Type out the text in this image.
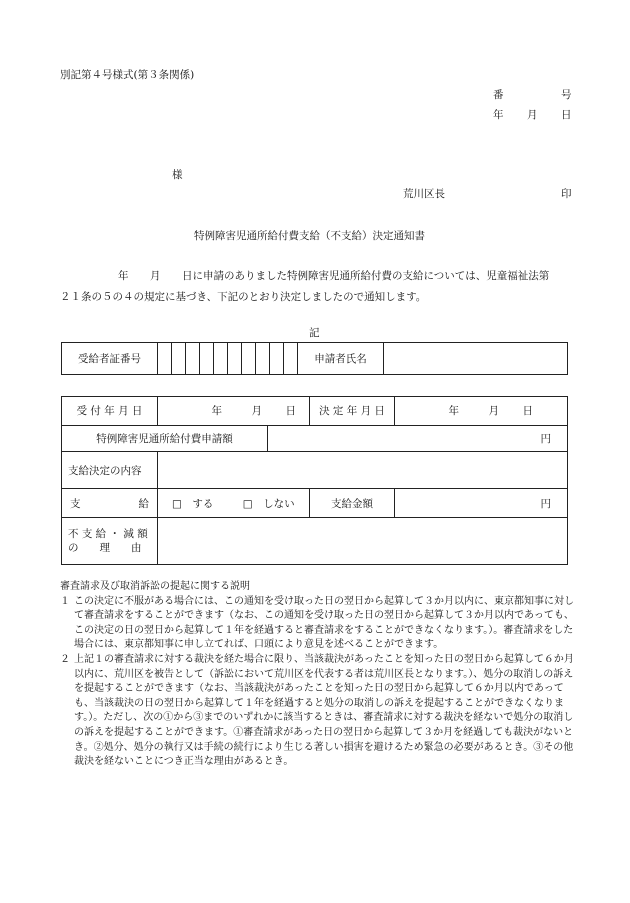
別記第４号様式(第３条関係)
番	号
年 月 日
様
荒川区長	印
特例障害児通所給付費支給（不支給）決定通知書
年 月 日に申請のありました特例障害児通所給付費の支給については、児童福祉法第
２１条の５の４の規定に基づき、下記のとおり決定しましたので通知します。
記
受給者証番号											申請者氏名	
受 付 年 月 日	年 月 日		決 定 年 月 日	年 月 日
特例障害児通所給付費申請額		円		
支給決定の内容				

支 給	□　する □　しない		支給金額	円

不 支 給 ・ 減 額
の　　理　　由				

審査請求及び取消訴訟の提起に関する説明

１ この決定に不服がある場合には、この通知を受け取った日の翌日から起算して３か月以内に、東京都知事に対して審査請求をすることができます（なお、この通知を受け取った日の翌日から起算して３か月以内であっても、この決定の日の翌日から起算して１年を経過すると審査請求をすることができなくなります。）。審査請求をした場合には、東京都知事に申し立てれば、口頭により意見を述べることができます。

２ 上記１の審査請求に対する裁決を経た場合に限り、当該裁決があったことを知った日の翌日から起算して６か月以内に、荒川区を被告として（訴訟において荒川区を代表する者は荒川区長となります。）、処分の取消しの訴えを提起することができます（なお、当該裁決があったことを知った日の翌日から起算して６か月以内であっても、当該裁決の日の翌日から起算して１年を経過すると処分の取消しの訴えを提起することができなくなります。）。ただし、次の①から③までのいずれかに該当するときは、審査請求に対する裁決を経ないで処分の取消しの訴えを提起することができます。①審査請求があった日の翌日から起算して３か月を経過しても裁決がないとき。②処分、処分の執行又は手続の続行により生じる著しい損害を避けるため緊急の必要があるとき。③その他裁決を経ないことにつき正当な理由があるとき。
